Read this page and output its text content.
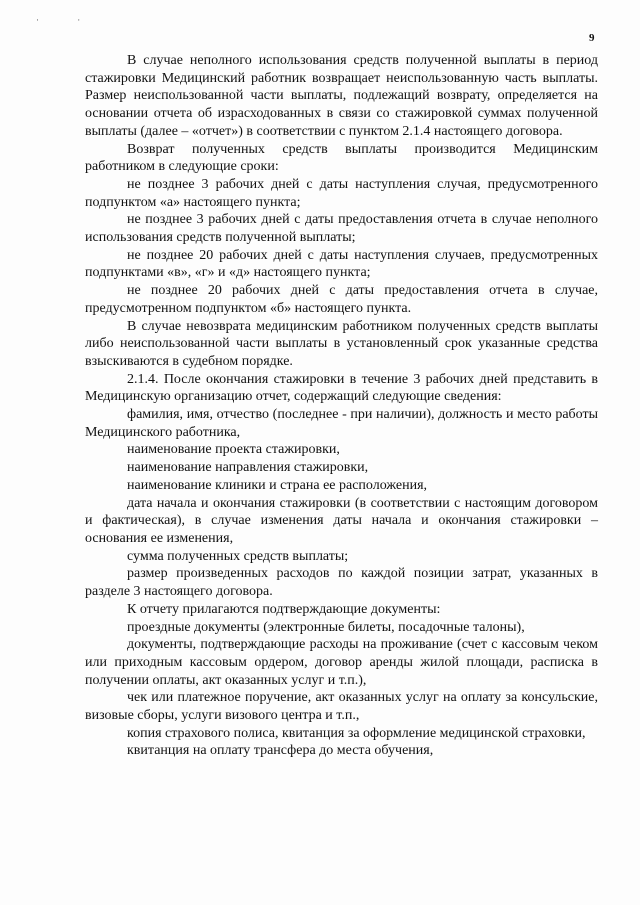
· ·
9

В случае неполного использования средств полученной выплаты в период стажировки Медицинский работник возвращает неиспользованную часть выплаты. Размер неиспользованной части выплаты, подлежащий возврату, определяется на основании отчета об израсходованных в связи со стажировкой суммах полученной выплаты (далее – «отчет») в соответствии с пунктом 2.1.4 настоящего договора.

Возврат полученных средств выплаты производится Медицинским работником в следующие сроки:

не позднее 3 рабочих дней с даты наступления случая, предусмотренного подпунктом «а» настоящего пункта;

не позднее 3 рабочих дней с даты предоставления отчета в случае неполного использования средств полученной выплаты;

не позднее 20 рабочих дней с даты наступления случаев, предусмотренных подпунктами «в», «г» и «д» настоящего пункта;

не позднее 20 рабочих дней с даты предоставления отчета в случае, предусмотренном подпунктом «б» настоящего пункта.

В случае невозврата медицинским работником полученных средств выплаты либо неиспользованной части выплаты в установленный срок указанные средства взыскиваются в судебном порядке.

2.1.4. После окончания стажировки в течение 3 рабочих дней представить в Медицинскую организацию отчет, содержащий следующие сведения:

фамилия, имя, отчество (последнее - при наличии), должность и место работы Медицинского работника,

наименование проекта стажировки,

наименование направления стажировки,

наименование клиники и страна ее расположения,

дата начала и окончания стажировки (в соответствии с настоящим договором и фактическая), в случае изменения даты начала и окончания стажировки – основания ее изменения,

сумма полученных средств выплаты;

размер произведенных расходов по каждой позиции затрат, указанных в разделе 3 настоящего договора.

К отчету прилагаются подтверждающие документы:

проездные документы (электронные билеты, посадочные талоны),

документы, подтверждающие расходы на проживание (счет с кассовым чеком или приходным кассовым ордером, договор аренды жилой площади, расписка в получении оплаты, акт оказанных услуг и т.п.),

чек или платежное поручение, акт оказанных услуг на оплату за консульские, визовые сборы, услуги визового центра и т.п.,

копия страхового полиса, квитанция за оформление медицинской страховки,

квитанция на оплату трансфера до места обучения,
